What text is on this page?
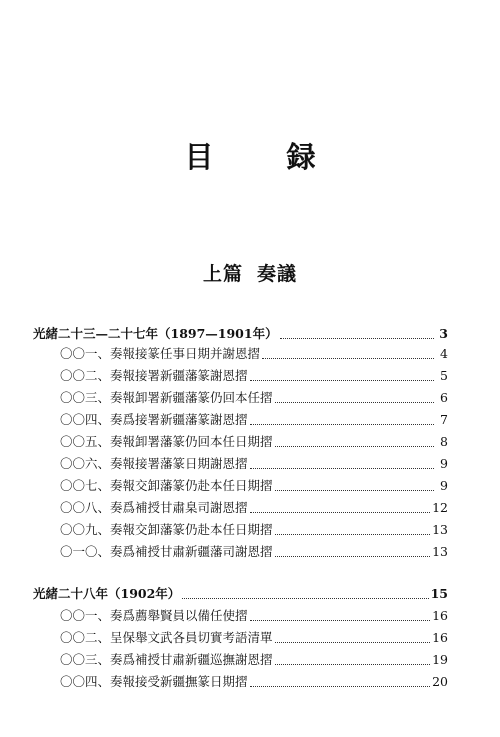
目　録
上篇 奏議
光緒二十三—二十七年（1897—1901年）	3
〇〇一、奏報接篆任事日期并謝恩摺	4
〇〇二、奏報接署新疆藩篆謝恩摺	5
〇〇三、奏報卸署新疆藩篆仍回本任摺	6
〇〇四、奏爲接署新疆藩篆謝恩摺	7
〇〇五、奏報卸署藩篆仍回本任日期摺	8
〇〇六、奏報接署藩篆日期謝恩摺	9
〇〇七、奏報交卸藩篆仍赴本任日期摺	9
〇〇八、奏爲補授甘肅臬司謝恩摺	12
〇〇九、奏報交卸藩篆仍赴本任日期摺	13
〇一〇、奏爲補授甘肅新疆藩司謝恩摺	13
光緒二十八年（1902年）	15
〇〇一、奏爲薦舉賢員以備任使摺	16
〇〇二、呈保舉文武各員切實考語清單	16
〇〇三、奏爲補授甘肅新疆巡撫謝恩摺	19
〇〇四、奏報接受新疆撫篆日期摺	20
